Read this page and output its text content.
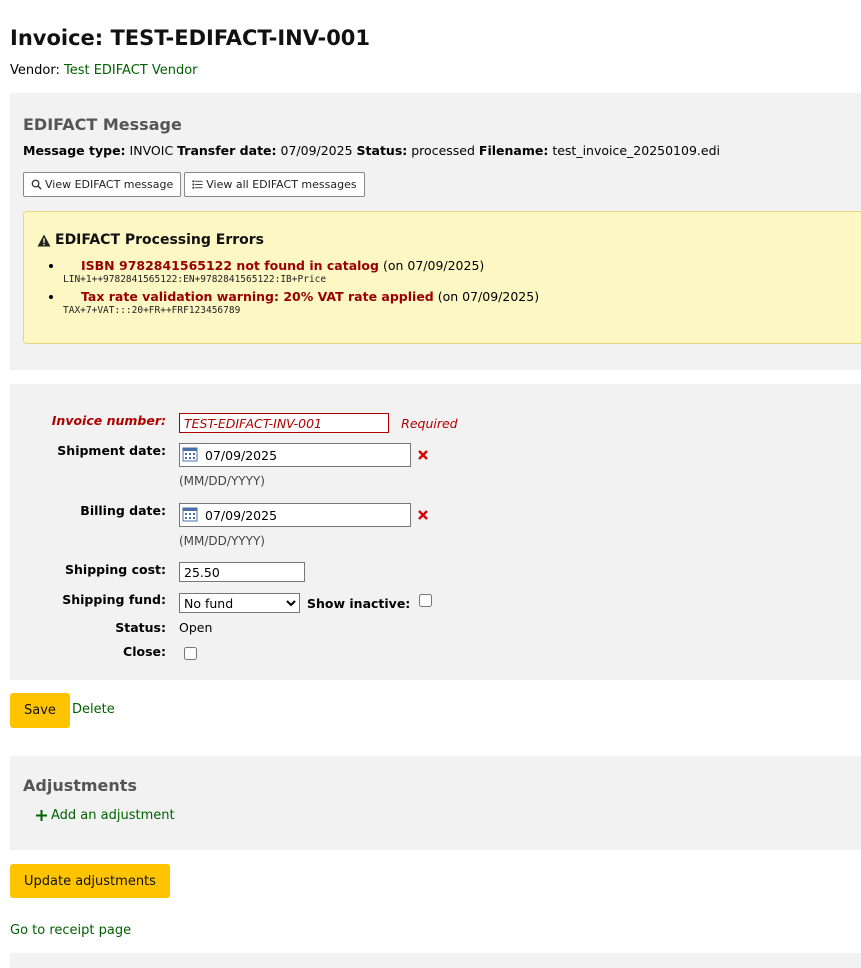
Invoice: TEST-EDIFACT-INV-001
Vendor: Test EDIFACT Vendor
EDIFACT Message
Message type: INVOIC Transfer date: 07/09/2025 Status: processed Filename: test_invoice_20250109.edi
View EDIFACT message	View all EDIFACT messages
EDIFACT Processing Errors
ISBN 9782841565122 not found in catalog (on 07/09/2025)
LIN+1++9782841565122:EN+9782841565122:IB+Price
Tax rate validation warning: 20% VAT rate applied (on 07/09/2025)
TAX+7+VAT:::20+FR++FRF123456789
Invoice number:
TEST-EDIFACT-INV-001	Required
Shipment date:
07/09/2025
(MM/DD/YYYY)
Billing date:
07/09/2025
(MM/DD/YYYY)
Shipping cost:
25.50
Shipping fund:
No fund	Show inactive:
Status: Open
Close:
Save	Delete
Adjustments
Add an adjustment
Update adjustments
Go to receipt page
